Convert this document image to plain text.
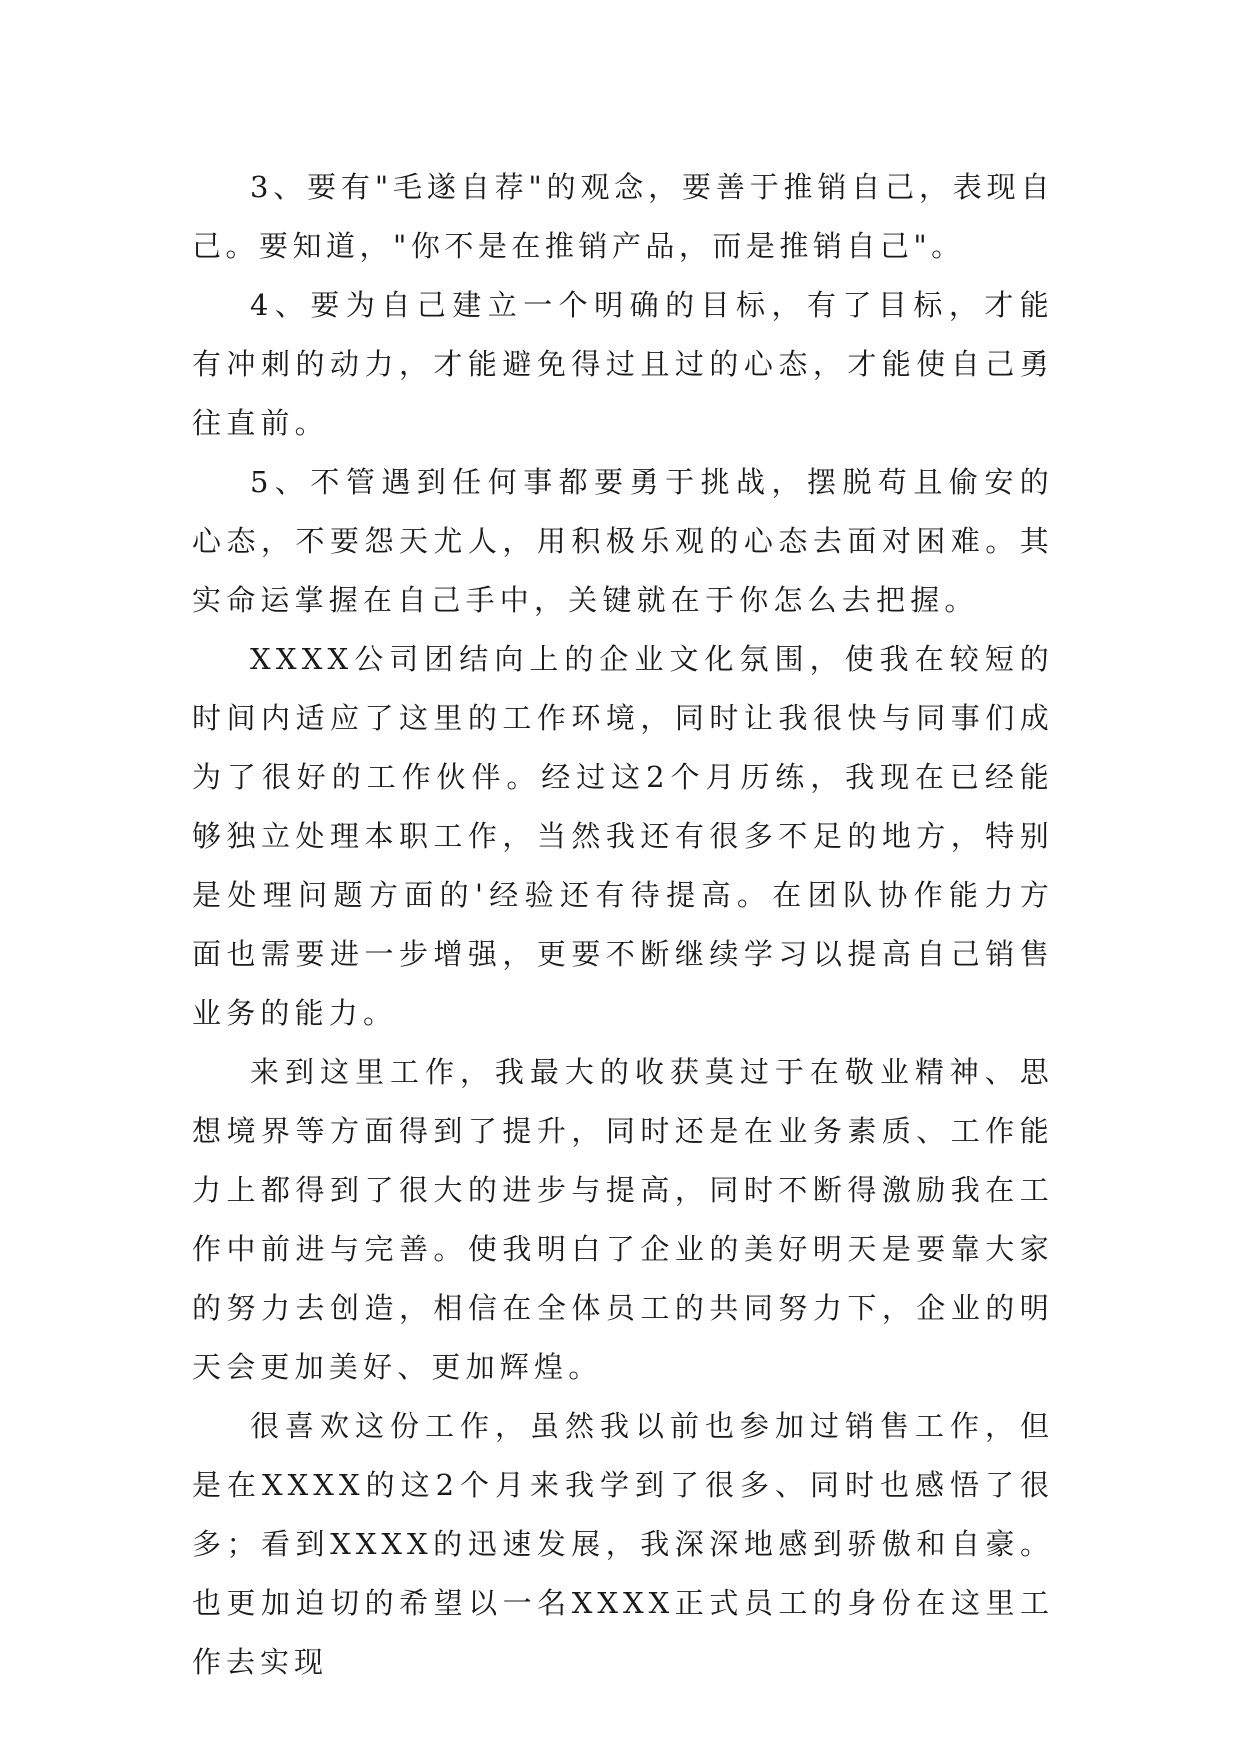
3、要有"毛遂自荐"的观念，要善于推销自己，表现自己。要知道，"你不是在推销产品，而是推销自己"。

4、要为自己建立一个明确的目标，有了目标，才能有冲刺的动力，才能避免得过且过的心态，才能使自己勇往直前。

5、不管遇到任何事都要勇于挑战，摆脱苟且偷安的心态，不要怨天尤人，用积极乐观的心态去面对困难。其实命运掌握在自己手中，关键就在于你怎么去把握。

XXXX公司团结向上的企业文化氛围，使我在较短的时间内适应了这里的工作环境，同时让我很快与同事们成为了很好的工作伙伴。经过这2个月历练，我现在已经能够独立处理本职工作，当然我还有很多不足的地方，特别是处理问题方面的'经验还有待提高。在团队协作能力方面也需要进一步增强，更要不断继续学习以提高自己销售业务的能力。

来到这里工作，我最大的收获莫过于在敬业精神、思想境界等方面得到了提升，同时还是在业务素质、工作能力上都得到了很大的进步与提高，同时不断得激励我在工作中前进与完善。使我明白了企业的美好明天是要靠大家的努力去创造，相信在全体员工的共同努力下，企业的明天会更加美好、更加辉煌。

很喜欢这份工作，虽然我以前也参加过销售工作，但是在XXXX的这2个月来我学到了很多、同时也感悟了很多；看到XXXX的迅速发展，我深深地感到骄傲和自豪。也更加迫切的希望以一名XXXX正式员工的身份在这里工作去实现
